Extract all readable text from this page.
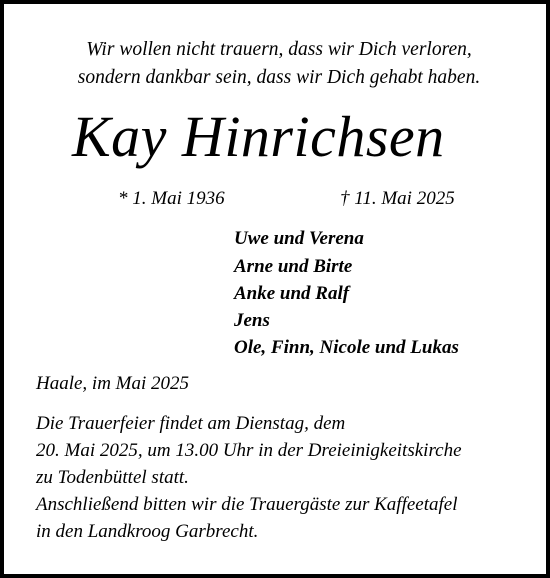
Wir wollen nicht trauern, dass wir Dich verloren,
sondern dankbar sein, dass wir Dich gehabt haben.
Kay Hinrichsen
* 1. Mai 1936	† 11. Mai 2025
Uwe und Verena
Arne und Birte
Anke und Ralf
Jens
Ole, Finn, Nicole und Lukas
Haale, im Mai 2025
Die Trauerfeier findet am Dienstag, dem
20. Mai 2025, um 13.00 Uhr in der Dreieinigkeitskirche
zu Todenbüttel statt.
Anschließend bitten wir die Trauergäste zur Kaffeetafel
in den Landkroog Garbrecht.
